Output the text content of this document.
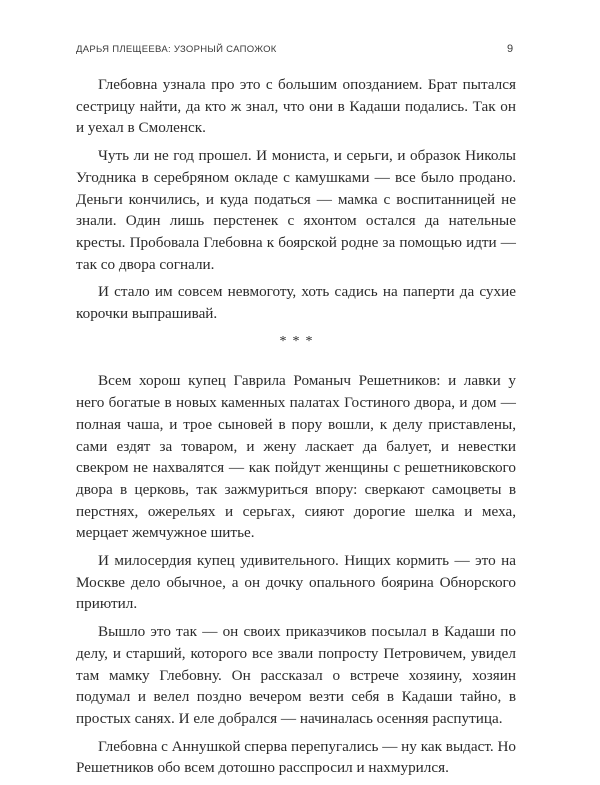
ДАРЬЯ ПЛЕЩЕЕВА: УЗОРНЫЙ САПОЖОК	9

Глебовна узнала про это с большим опозданием. Брат пытался сестрицу найти, да кто ж знал, что они в Кадаши подались. Так он и уехал в Смоленск.

Чуть ли не год прошел. И мониста, и серьги, и образок Николы Угодника в серебряном окладе с камушками — все было продано. Деньги кончились, и куда податься — мамка с воспитанницей не знали. Один лишь перстенек с яхонтом остался да нательные кресты. Пробовала Глебовна к боярской родне за помощью идти — так со двора согнали.

И стало им совсем невмоготу, хоть садись на паперти да сухие корочки выпрашивай.

***

Всем хорош купец Гаврила Романыч Решетников: и лавки у него богатые в новых каменных палатах Гостиного двора, и дом — полная чаша, и трое сыновей в пору вошли, к делу приставлены, сами ездят за товаром, и жену ласкает да балует, и невестки свекром не нахвалятся — как пойдут женщины с решетниковского двора в церковь, так зажмуриться впору: сверкают самоцветы в перстнях, ожерельях и серьгах, сияют дорогие шелка и меха, мерцает жемчужное шитье.

И милосердия купец удивительного. Нищих кормить — это на Москве дело обычное, а он дочку опального боярина Обнорского приютил.

Вышло это так — он своих приказчиков посылал в Кадаши по делу, и старший, которого все звали попросту Петровичем, увидел там мамку Глебовну. Он рассказал о встрече хозяину, хозяин подумал и велел поздно вечером везти себя в Кадаши тайно, в простых санях. И еле добрался — начиналась осенняя распутица.

Глебовна с Аннушкой сперва перепугались — ну как выдаст. Но Решетников обо всем дотошно расспросил и нахмурился.
